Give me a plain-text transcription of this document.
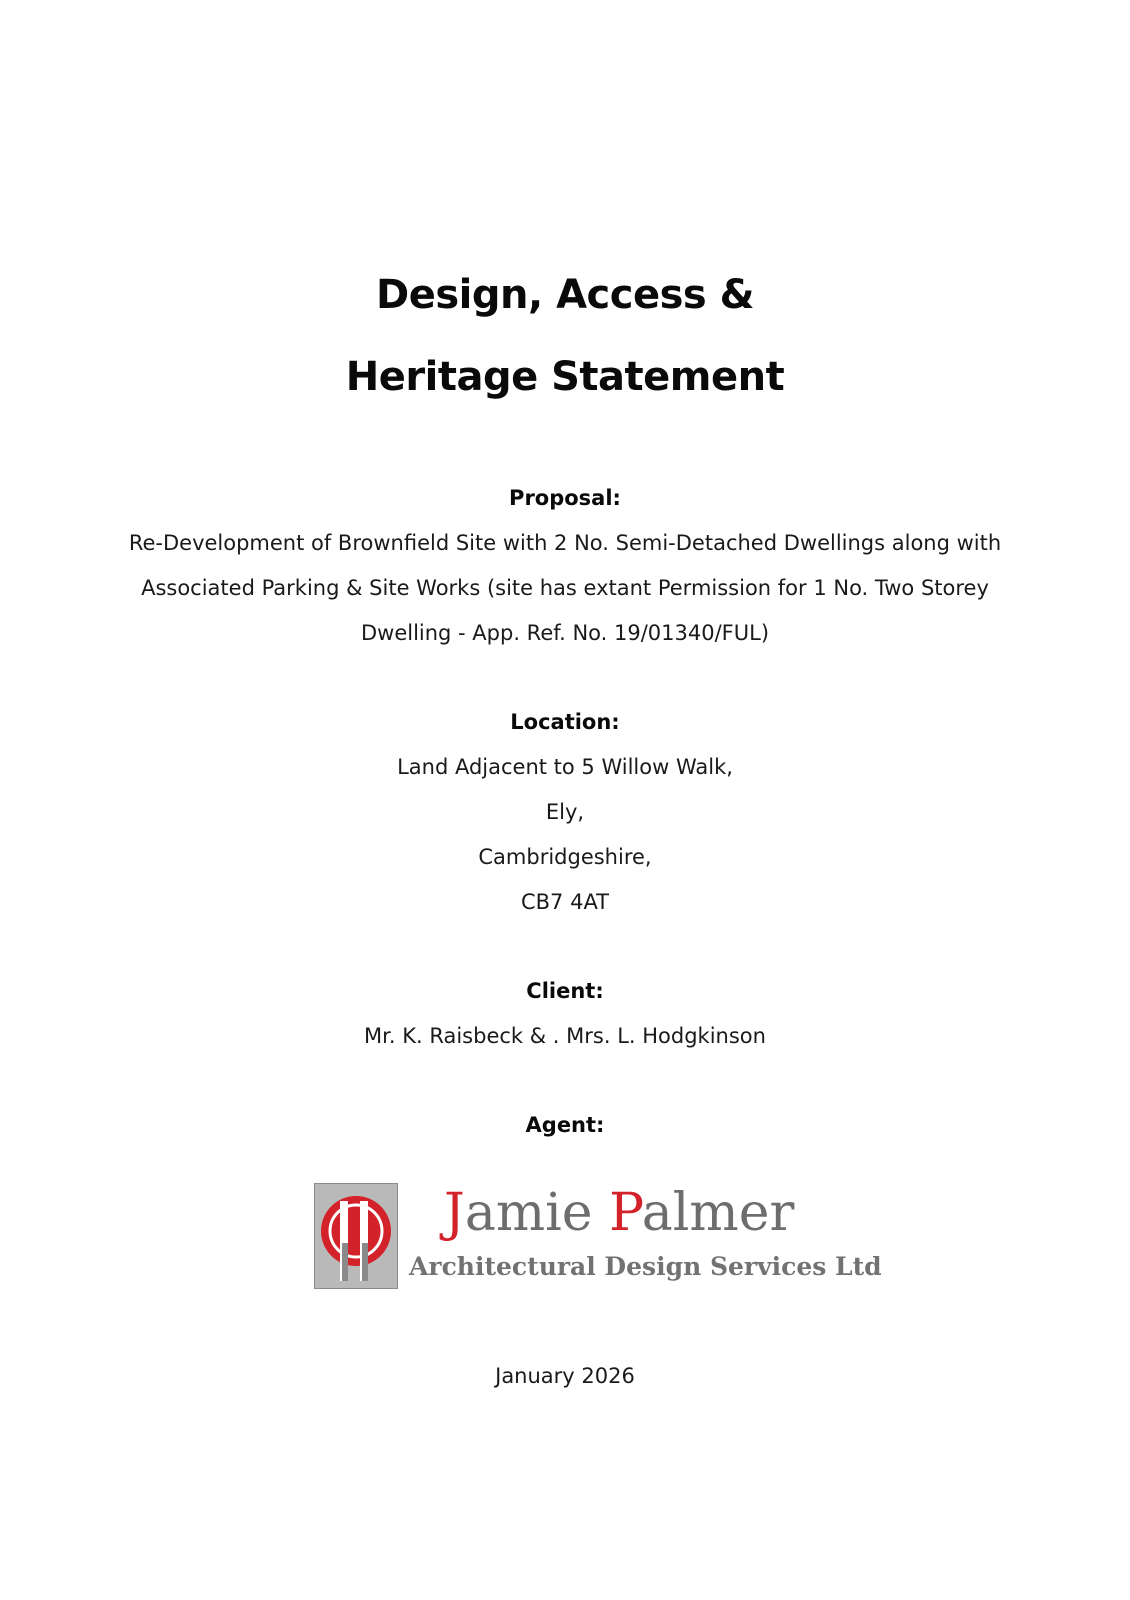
Design, Access &
Heritage Statement
Proposal:
Re-Development of Brownfield Site with 2 No. Semi-Detached Dwellings along with
Associated Parking & Site Works (site has extant Permission for 1 No. Two Storey
Dwelling - App. Ref. No. 19/01340/FUL)
Location:
Land Adjacent to 5 Willow Walk,
Ely,
Cambridgeshire,
CB7 4AT
Client:
Mr. K. Raisbeck & . Mrs. L. Hodgkinson
Agent:
Jamie Palmer
Architectural Design Services Ltd
January 2026
